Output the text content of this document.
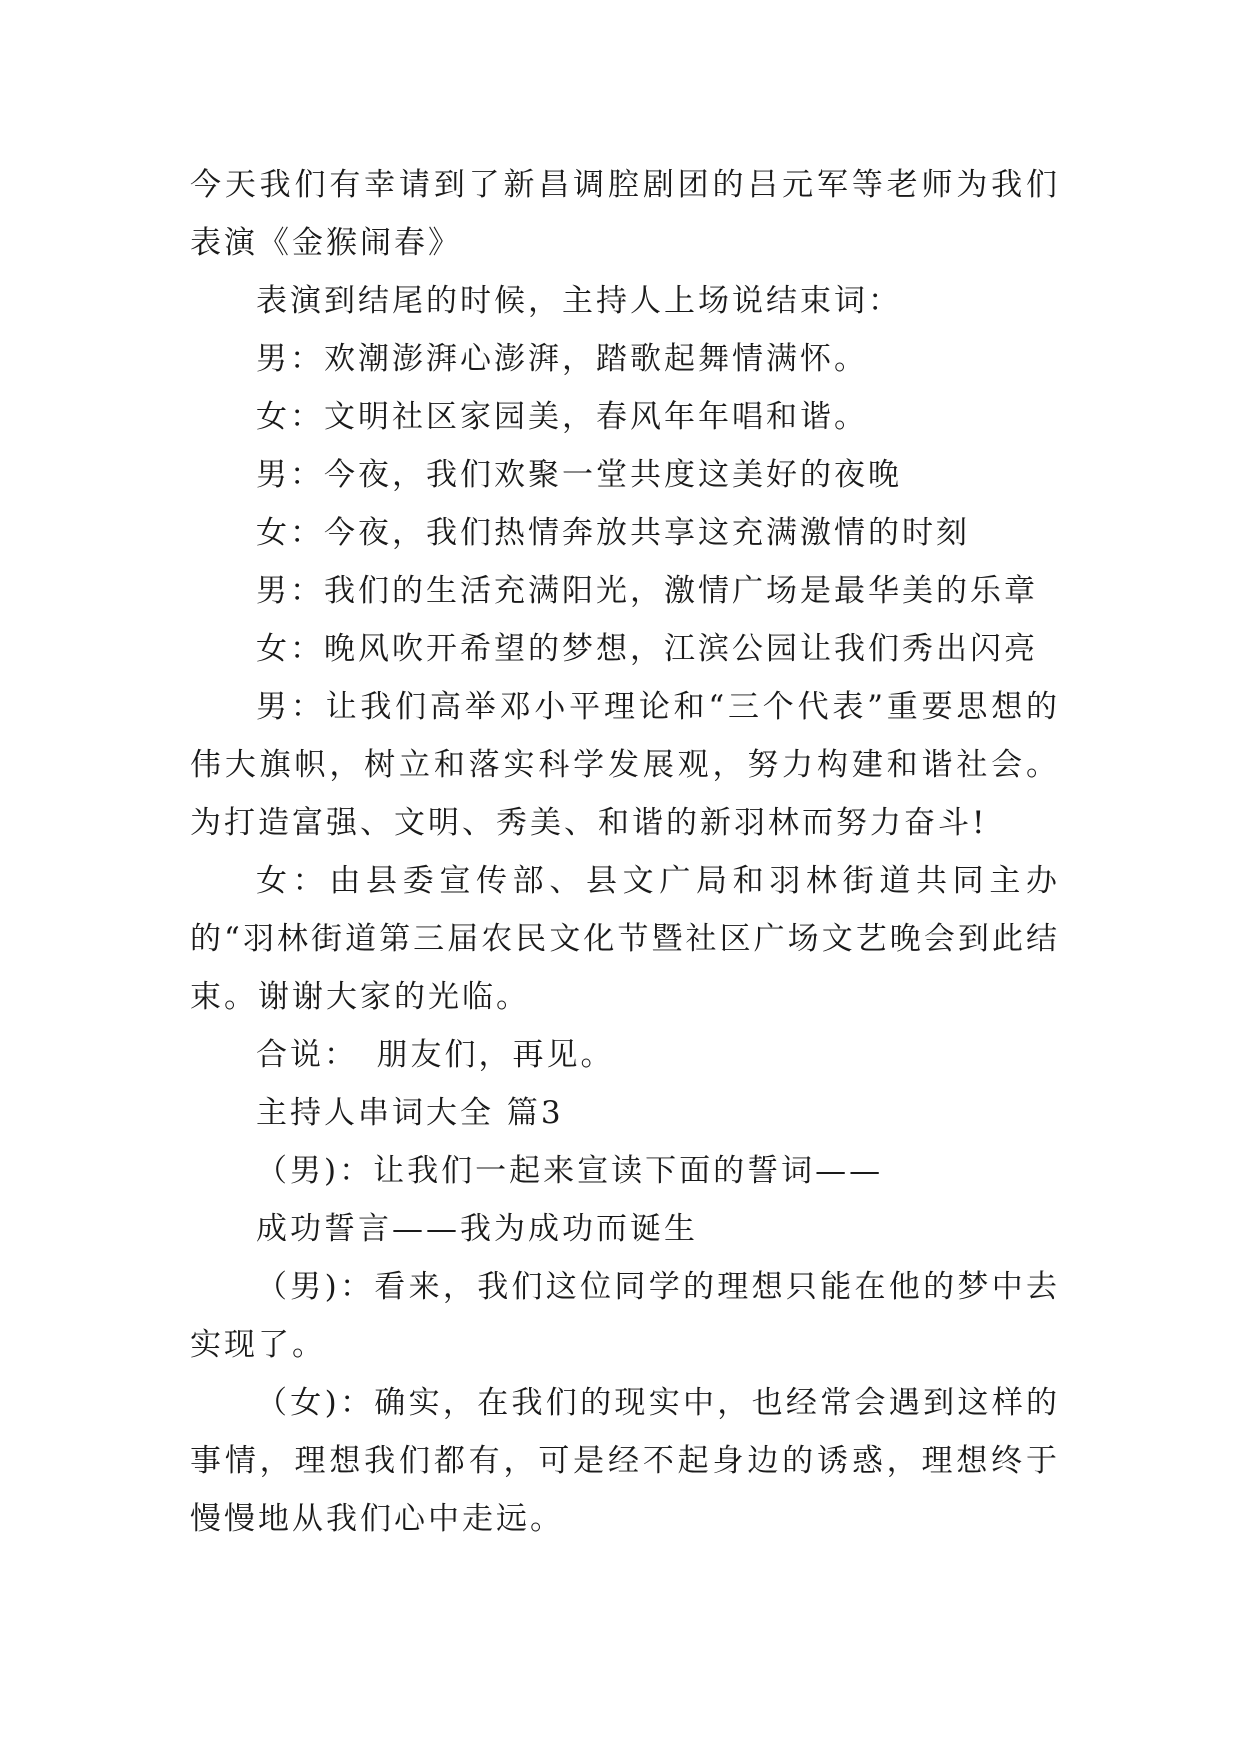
今天我们有幸请到了新昌调腔剧团的吕元军等老师为我们表演《金猴闹春》

表演到结尾的时候，主持人上场说结束词：

男：欢潮澎湃心澎湃，踏歌起舞情满怀。

女：文明社区家园美，春风年年唱和谐。

男：今夜，我们欢聚一堂共度这美好的夜晚

女：今夜，我们热情奔放共享这充满激情的时刻

男：我们的生活充满阳光，激情广场是最华美的乐章

女：晚风吹开希望的梦想，江滨公园让我们秀出闪亮

男：让我们高举邓小平理论和“三个代表”重要思想的伟大旗帜，树立和落实科学发展观，努力构建和谐社会。为打造富强、文明、秀美、和谐的新羽林而努力奋斗!

女：由县委宣传部、县文广局和羽林街道共同主办的“羽林街道第三届农民文化节暨社区广场文艺晚会到此结束。谢谢大家的光临。

合说：　朋友们，再见。

主持人串词大全 篇3

（男)：让我们一起来宣读下面的誓词——

成功誓言——我为成功而诞生

（男)：看来，我们这位同学的理想只能在他的梦中去实现了。

（女)：确实，在我们的现实中，也经常会遇到这样的事情，理想我们都有，可是经不起身边的诱惑，理想终于慢慢地从我们心中走远。
